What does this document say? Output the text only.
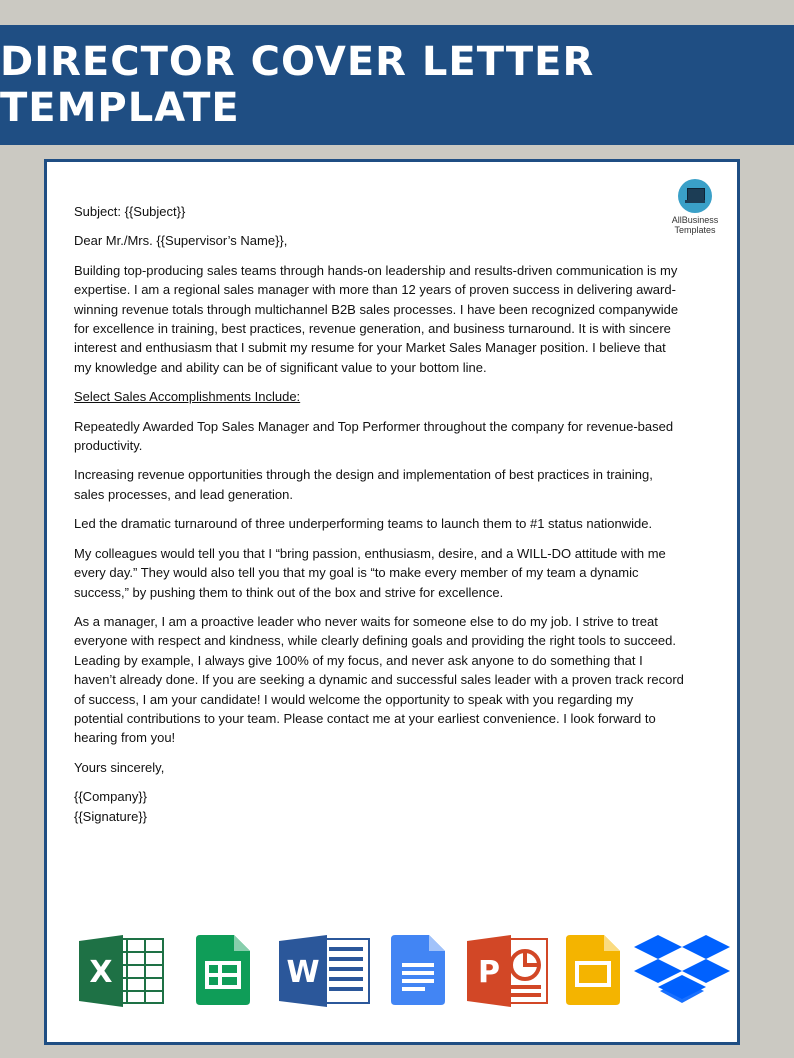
DIRECTOR COVER LETTER TEMPLATE
AllBusiness
Templates

Subject: {{Subject}}

Dear Mr./Mrs. {{Supervisor’s Name}},

Building top-producing sales teams through hands-on leadership and results-driven communication is my expertise. I am a regional sales manager with more than 12 years of proven success in delivering award-winning revenue totals through multichannel B2B sales processes. I have been recognized companywide for excellence in training, best practices, revenue generation, and business turnaround. It is with sincere interest and enthusiasm that I submit my resume for your Market Sales Manager position. I believe that my knowledge and ability can be of significant value to your bottom line.

Select Sales Accomplishments Include:

Repeatedly Awarded Top Sales Manager and Top Performer throughout the company for revenue-based productivity.

Increasing revenue opportunities through the design and implementation of best practices in training, sales processes, and lead generation.

Led the dramatic turnaround of three underperforming teams to launch them to #1 status nationwide.

My colleagues would tell you that I “bring passion, enthusiasm, desire, and a WILL-DO attitude with me every day.” They would also tell you that my goal is “to make every member of my team a dynamic success,” by pushing them to think out of the box and strive for excellence.

As a manager, I am a proactive leader who never waits for someone else to do my job. I strive to treat everyone with respect and kindness, while clearly defining goals and providing the right tools to succeed. Leading by example, I always give 100% of my focus, and never ask anyone to do something that I haven’t already done. If you are seeking a dynamic and successful sales leader with a proven track record of success, I am your candidate! I would welcome the opportunity to speak with you regarding my potential contributions to your team. Please contact me at your earliest convenience. I look forward to hearing from you!

Yours sincerely,

{{Company}}

{{Signature}}

X	W	P
